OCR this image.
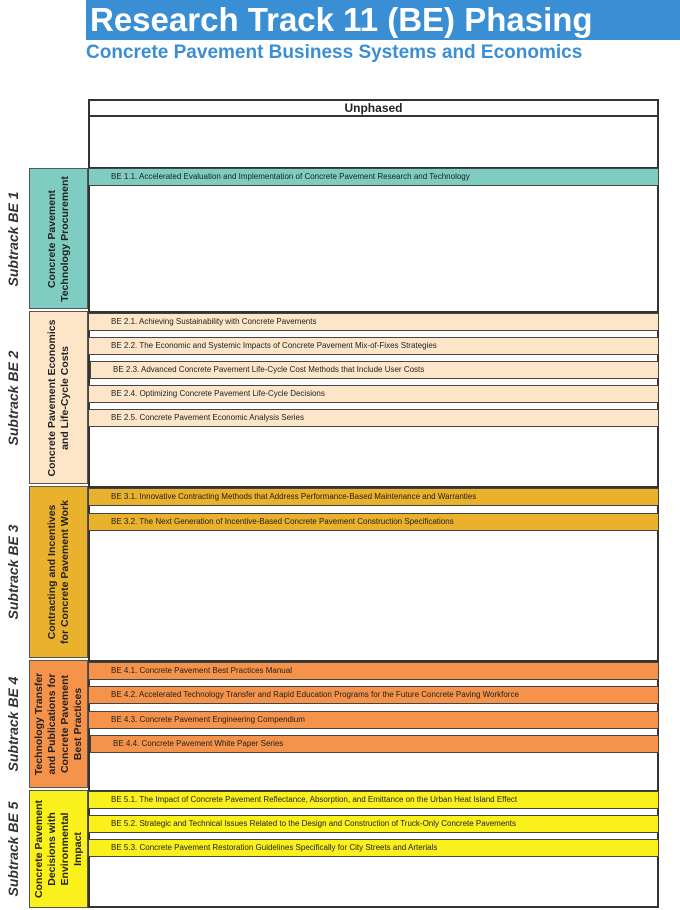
Research Track 11 (BE) Phasing
Concrete Pavement Business Systems and Economics
Subtrack BE 1
Subtrack BE 2
Subtrack BE 3
Subtrack BE 4
Subtrack BE 5
Concrete Pavement
Technology Procurement
Concrete Pavement Economics
and Life-Cycle Costs
Contracting and Incentives
for Concrete Pavement Work
Technology Transfer
and Publications for
Concrete Pavement
Best Practices
Concrete Pavement
Decisions with
Environmental
Impact
Unphased
BE 1.1. Accelerated Evaluation and Implementation of Concrete Pavement Research and Technology
BE 2.1. Achieving Sustainability with Concrete Pavements
BE 2.2. The Economic and Systemic Impacts of Concrete Pavement Mix-of-Fixes Strategies
BE 2.3. Advanced Concrete Pavement Life-Cycle Cost Methods that Include User Costs
BE 2.4. Optimizing Concrete Pavement Life-Cycle Decisions
BE 2.5. Concrete Pavement Economic Analysis Series
BE 3.1. Innovative Contracting Methods that Address Performance-Based Maintenance and Warranties
BE 3.2. The Next Generation of Incentive-Based Concrete Pavement Construction Specifications
BE 4.1. Concrete Pavement Best Practices Manual
BE 4.2. Accelerated Technology Transfer and Rapid Education Programs for the Future Concrete Paving Workforce
BE 4.3. Concrete Pavement Engineering Compendium
BE 4.4. Concrete Pavement White Paper Series
BE 5.1. The Impact of Concrete Pavement Reflectance, Absorption, and Emittance on the Urban Heat Island Effect
BE 5.2. Strategic and Technical Issues Related to the Design and Construction of Truck-Only Concrete Pavements
BE 5.3. Concrete Pavement Restoration Guidelines Specifically for City Streets and Arterials
